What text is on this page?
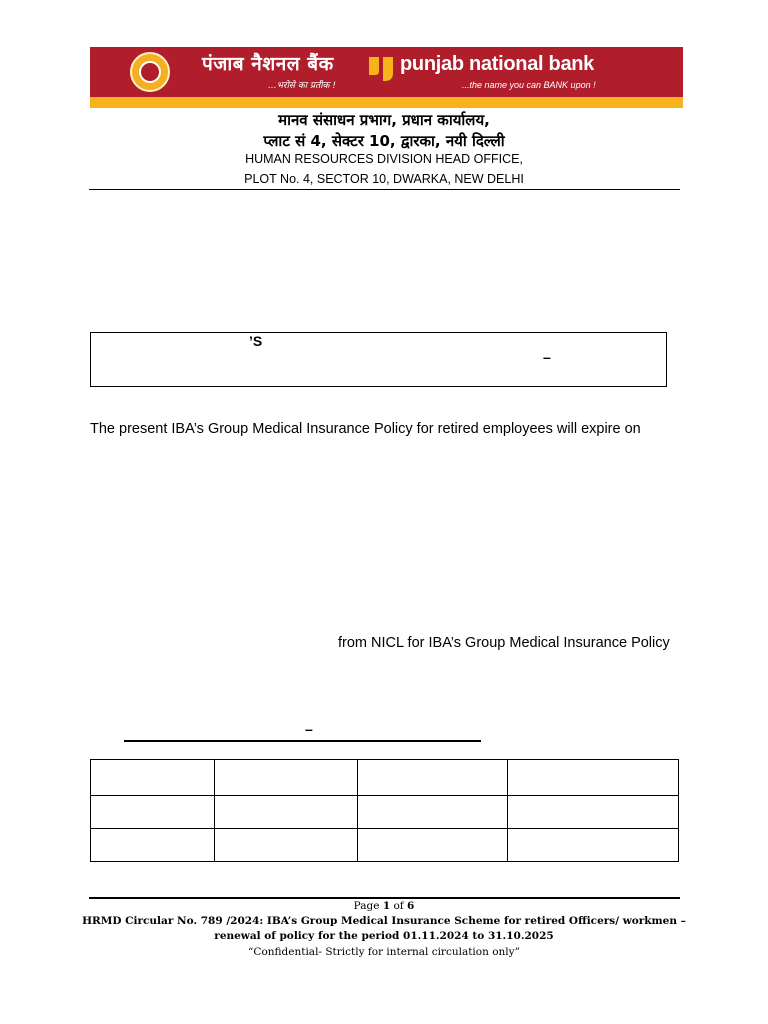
पंजाब नैशनल बैंक
...भरोसे का प्रतीक !
punjab national bank
...the name you can BANK upon !
मानव संसाधन प्रभाग, प्रधान कार्यालय,
प्लाट सं 4, सेक्टर 10, द्वारका, नयी दिल्ली
HUMAN RESOURCES DIVISION HEAD OFFICE,
PLOT No. 4, SECTOR 10, DWARKA, NEW DELHI
’S
–
The present IBA’s Group Medical Insurance Policy for retired employees will expire on
from NICL for IBA’s Group Medical Insurance Policy
–

Page 1 of 6
HRMD Circular No. 789 /2024: IBA’s Group Medical Insurance Scheme for retired Officers/ workmen –
renewal of policy for the period 01.11.2024 to 31.10.2025
“Confidential- Strictly for internal circulation only”
